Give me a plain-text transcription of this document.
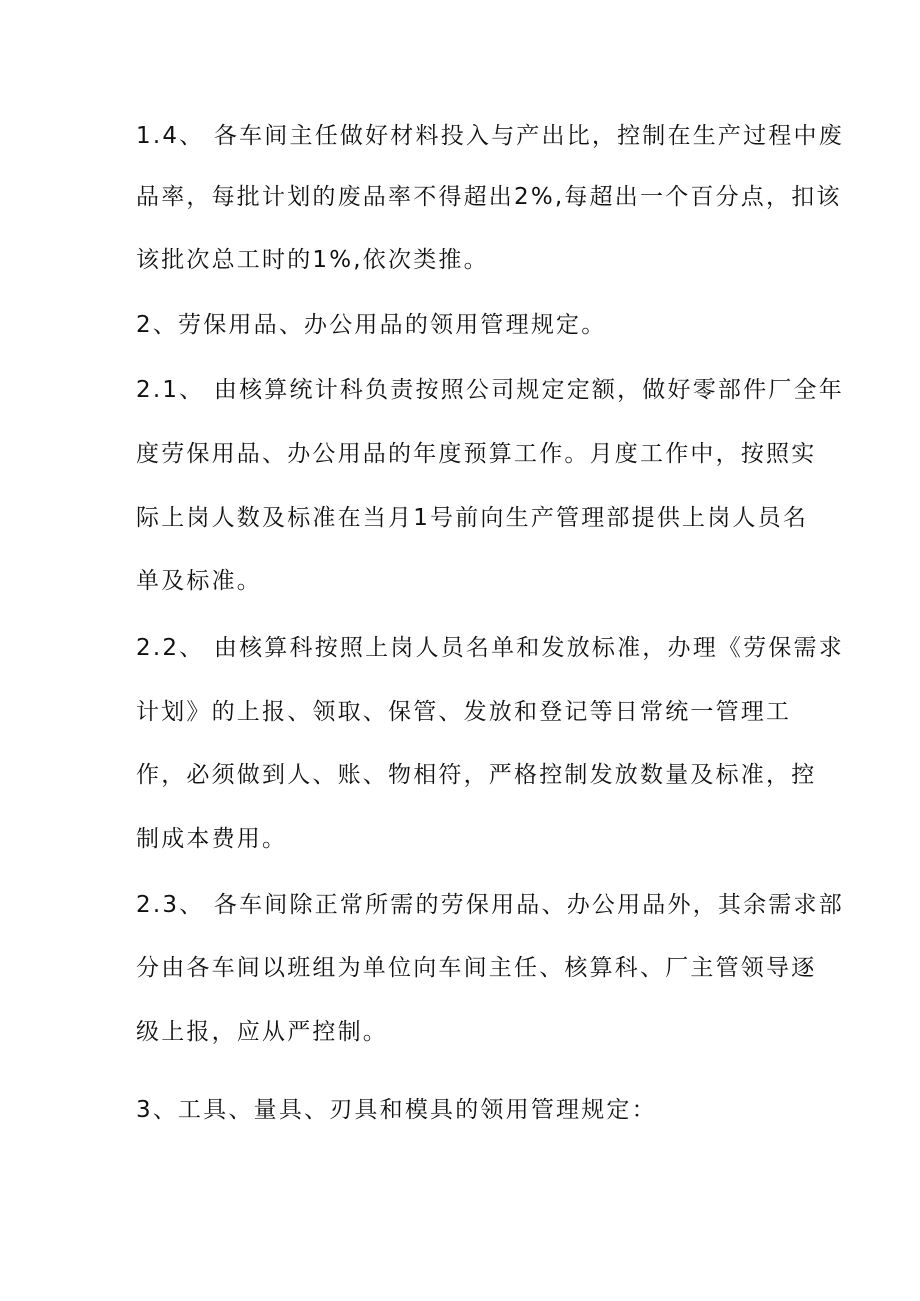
1.4、 各车间主任做好材料投入与产出比，控制在生产过程中废
品率，每批计划的废品率不得超出2%,每超出一个百分点，扣该
该批次总工时的1%,依次类推。
2、劳保用品、办公用品的领用管理规定。
2.1、 由核算统计科负责按照公司规定定额，做好零部件厂全年
度劳保用品、办公用品的年度预算工作。月度工作中，按照实
际上岗人数及标准在当月1号前向生产管理部提供上岗人员名
单及标准。
2.2、 由核算科按照上岗人员名单和发放标准，办理《劳保需求
计划》的上报、领取、保管、发放和登记等日常统一管理工
作，必须做到人、账、物相符，严格控制发放数量及标准，控
制成本费用。
2.3、 各车间除正常所需的劳保用品、办公用品外，其余需求部
分由各车间以班组为单位向车间主任、核算科、厂主管领导逐
级上报，应从严控制。
3、工具、量具、刃具和模具的领用管理规定：
